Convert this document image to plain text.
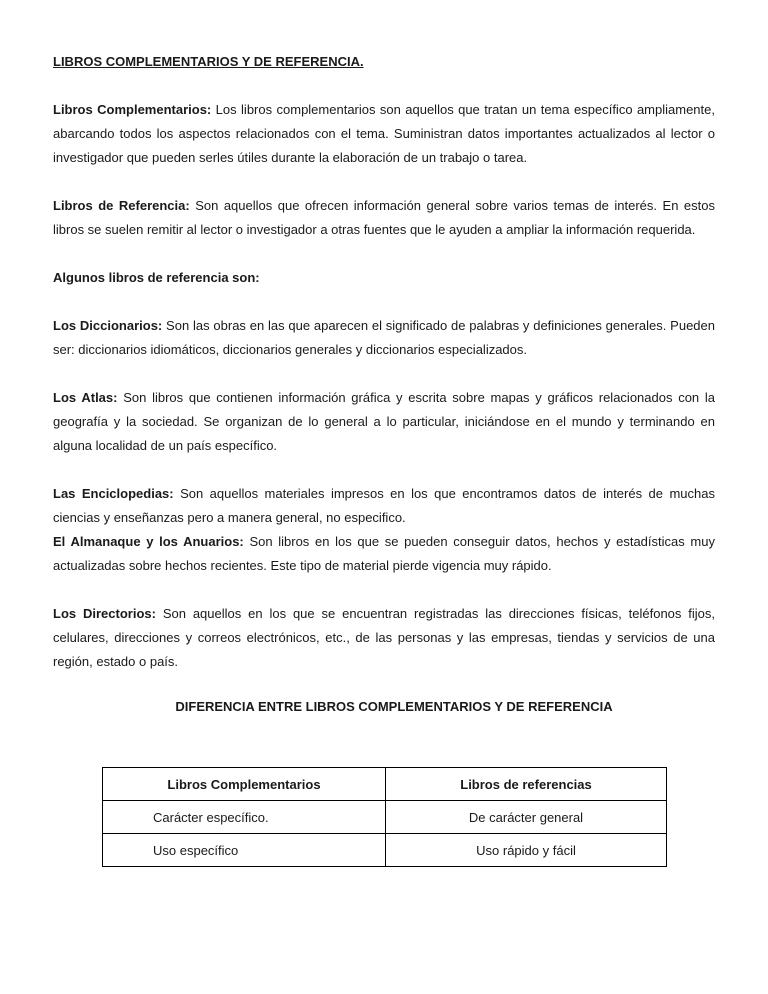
LIBROS COMPLEMENTARIOS Y DE REFERENCIA.

Libros Complementarios: Los libros complementarios son aquellos que tratan un tema específico ampliamente, abarcando todos los aspectos relacionados con el tema. Suministran datos importantes actualizados al lector o investigador que pueden serles útiles durante la elaboración de un trabajo o tarea.

Libros de Referencia: Son aquellos que ofrecen información general sobre varios temas de interés. En estos libros se suelen remitir al lector o investigador a otras fuentes que le ayuden a ampliar la información requerida.

Algunos libros de referencia son:

Los Diccionarios: Son las obras en las que aparecen el significado de palabras y definiciones generales. Pueden ser: diccionarios idiomáticos, diccionarios generales y diccionarios especializados.

Los Atlas: Son libros que contienen información gráfica y escrita sobre mapas y gráficos relacionados con la geografía y la sociedad. Se organizan de lo general a lo particular, iniciándose en el mundo y terminando en alguna localidad de un país específico.

Las Enciclopedias: Son aquellos materiales impresos en los que encontramos datos de interés de muchas ciencias y enseñanzas pero a manera general, no especifico.

El Almanaque y los Anuarios: Son libros en los que se pueden conseguir datos, hechos y estadísticas muy actualizadas sobre hechos recientes. Este tipo de material pierde vigencia muy rápido.

Los Directorios: Son aquellos en los que se encuentran registradas las direcciones físicas, teléfonos fijos, celulares, direcciones y correos electrónicos, etc., de las personas y las empresas, tiendas y servicios de una región, estado o país.

DIFERENCIA ENTRE LIBROS COMPLEMENTARIOS Y DE REFERENCIA
Libros Complementarios	Libros de referencias
Carácter específico.	De carácter general
Uso específico	Uso rápido y fácil
